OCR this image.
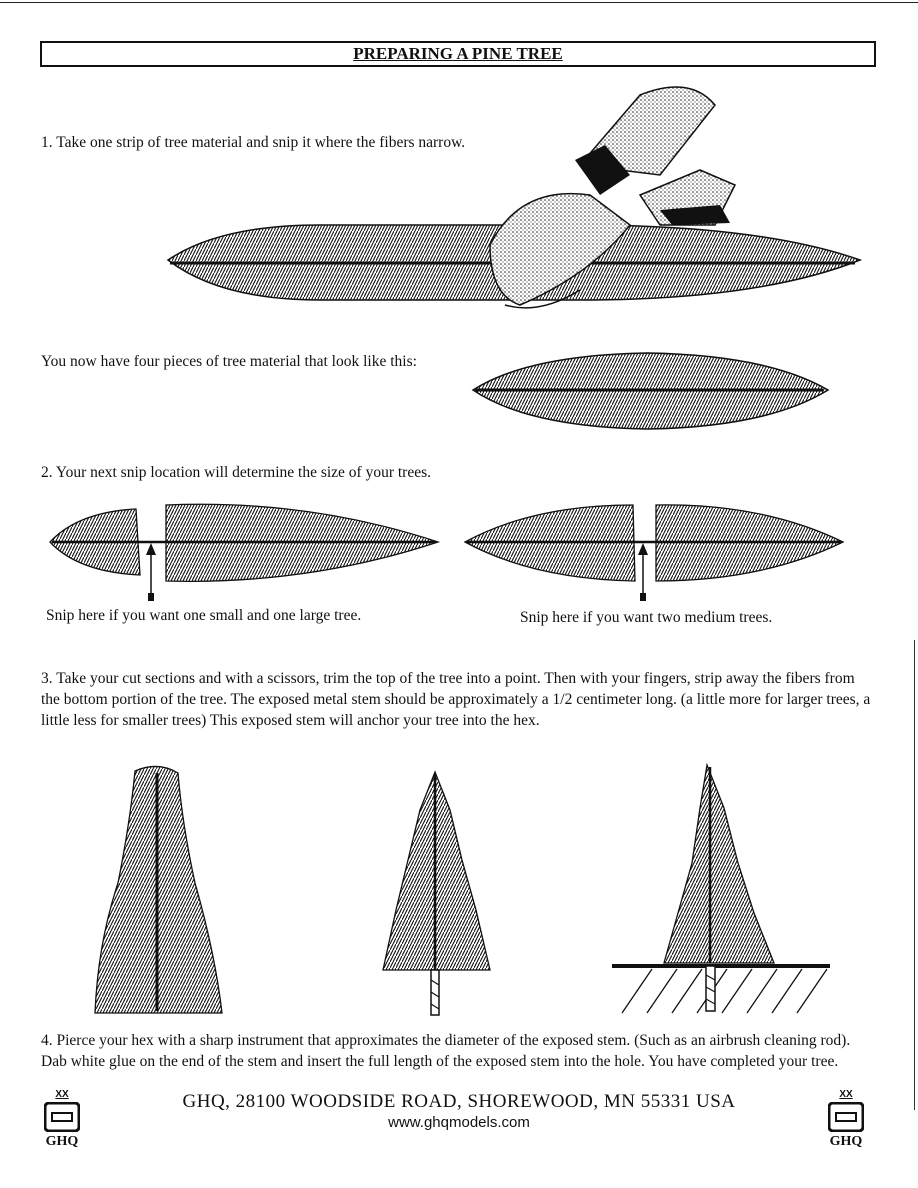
PREPARING A PINE TREE
1. Take one strip of tree material and snip it where the fibers narrow.
You now have four pieces of tree material that look like this:
2. Your next snip location will determine the size of your trees.
Snip here if you want one small and one large tree.	Snip here if you want two medium trees.
3. Take your cut sections and with a scissors, trim the top of the tree into a point. Then with your fingers, strip away the fibers from the bottom portion of the tree. The exposed metal stem should be approximately a 1/2 centimeter long. (a little more for larger trees, a little less for smaller trees) This exposed stem will anchor your tree into the hex.
4. Pierce your hex with a sharp instrument that approximates the diameter of the exposed stem. (Such as an airbrush cleaning rod). Dab white glue on the end of the stem and insert the full length of the exposed stem into the hole. You have completed your tree.
GHQ, 28100 WOODSIDE ROAD, SHOREWOOD, MN 55331 USA
www.ghqmodels.com
XX
GHQ
XX
GHQ
